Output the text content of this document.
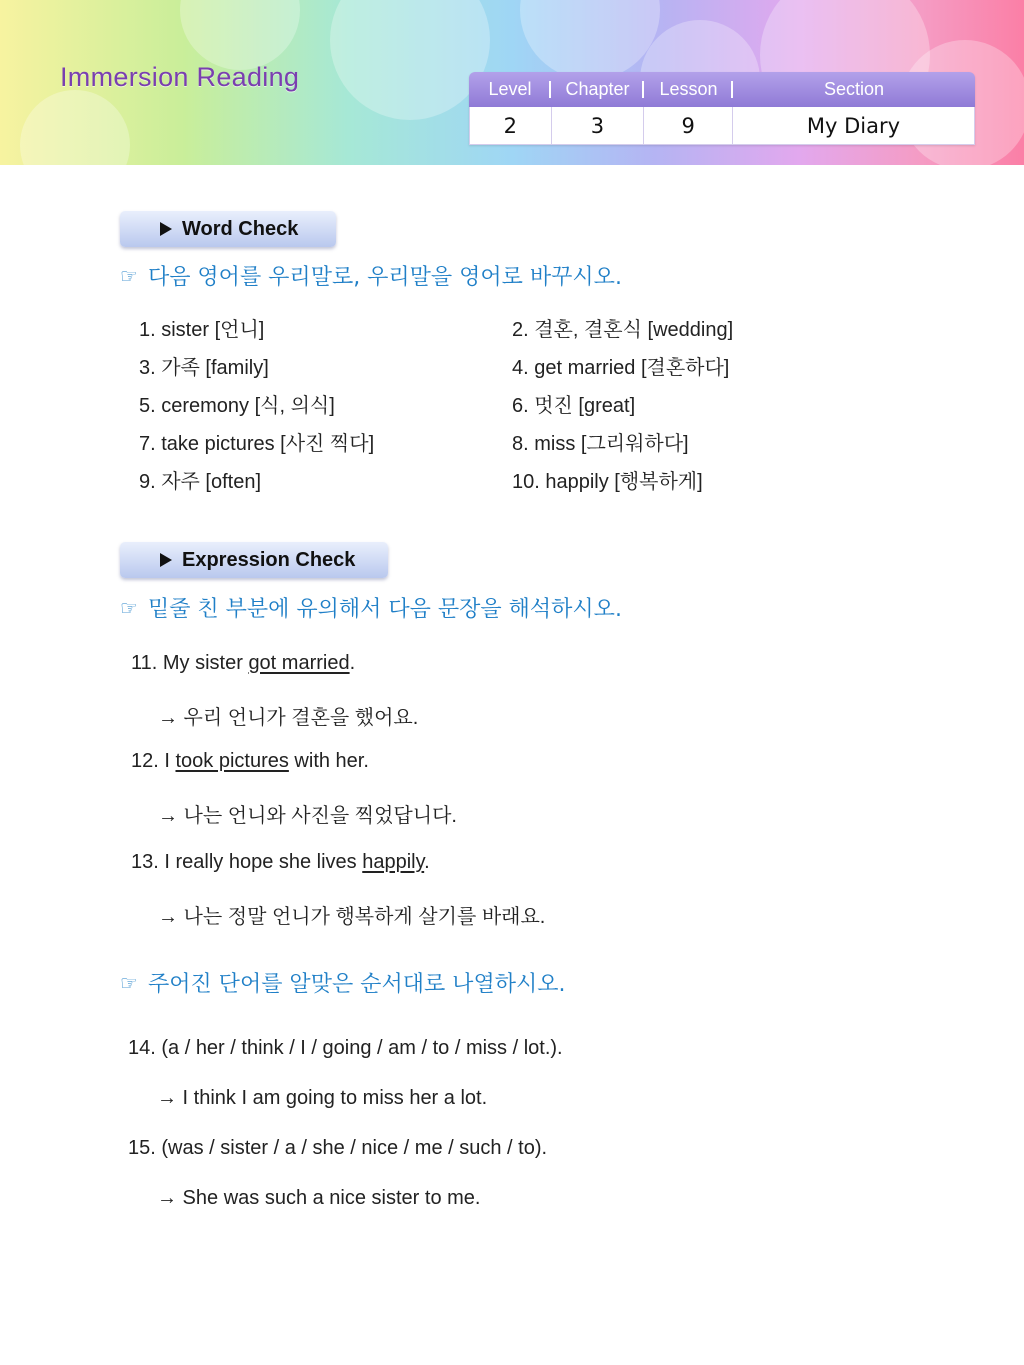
Immersion Reading	Level	Chapter	Lesson	Section
2	3	9	My Diary
Word Check
☞ 다음 영어를 우리말로, 우리말을 영어로 바꾸시오.
1. sister [언니]	2. 결혼, 결혼식 [wedding]
3. 가족 [family]	4. get married [결혼하다]
5. ceremony [식, 의식]	6. 멋진 [great]
7. take pictures [사진 찍다]	8. miss [그리워하다]
9. 자주 [often]	10. happily [행복하게]
Expression Check
☞ 밑줄 친 부분에 유의해서 다음 문장을 해석하시오.
11. My sister got married.
→ 우리 언니가 결혼을 했어요.
12. I took pictures with her.
→ 나는 언니와 사진을 찍었답니다.
13. I really hope she lives happily.
→ 나는 정말 언니가 행복하게 살기를 바래요.
☞ 주어진 단어를 알맞은 순서대로 나열하시오.
14. (a / her / think / I / going / am / to / miss / lot.).
→ I think I am going to miss her a lot.
15. (was / sister / a / she / nice / me / such / to).
→ She was such a nice sister to me.
